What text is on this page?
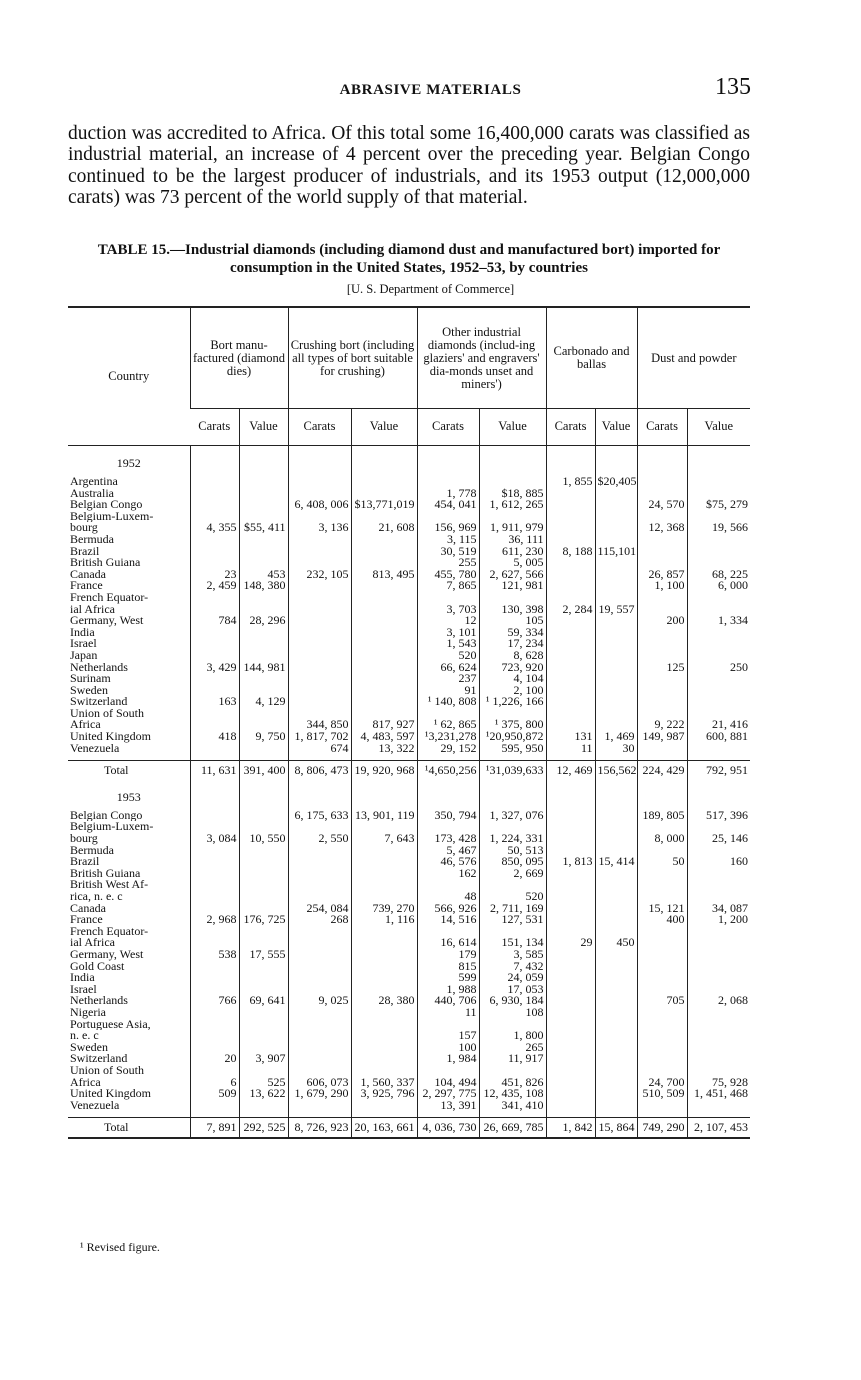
ABRASIVE MATERIALS	135
duction was accredited to Africa. Of this total some 16,400,000 carats was classified as industrial material, an increase of 4 percent over the preceding year. Belgian Congo continued to be the largest producer of industrials, and its 1953 output (12,000,000 carats) was 73 percent of the world supply of that material.
TABLE 15.—Industrial diamonds (including diamond dust and manufactured bort) imported for consumption in the United States, 1952–53, by countries
[U. S. Department of Commerce]
Country	Bort manu-factured (diamond dies)		Crushing bort (including all types of bort suitable for crushing)		Other industrial diamonds (includ-ing glaziers' and engravers' dia-monds unset and miners')		Carbonado and ballas		Dust and powder	
	Carats	Value	Carats	Value	Carats	Value	Carats	Value	Carats	Value
1952										
Argentina							1, 855	$20,405		
Australia					1, 778	$18, 885				
Belgian Congo			6, 408, 006	$13,771,019	454, 041	1, 612, 265			24, 570	$75, 279
Belgium-Luxem-										
bourg	4, 355	$55, 411	3, 136	21, 608	156, 969	1, 911, 979			12, 368	19, 566
Bermuda					3, 115	36, 111				
Brazil					30, 519	611, 230	8, 188	115,101		
British Guiana					255	5, 005				
Canada	23	453	232, 105	813, 495	455, 780	2, 627, 566			26, 857	68, 225
France	2, 459	148, 380			7, 865	121, 981			1, 100	6, 000
French Equator-										
ial Africa					3, 703	130, 398	2, 284	19, 557		
Germany, West	784	28, 296			12	105			200	1, 334
India					3, 101	59, 334				
Israel					1, 543	17, 234				
Japan					520	8, 628				
Netherlands	3, 429	144, 981			66, 624	723, 920			125	250
Surinam					237	4, 104				
Sweden					91	2, 100				
Switzerland	163	4, 129			¹ 140, 808	¹ 1,226, 166				
Union of South										
Africa			344, 850	817, 927	¹ 62, 865	¹ 375, 800			9, 222	21, 416
United Kingdom	418	9, 750	1, 817, 702	4, 483, 597	¹3,231,278	¹20,950,872	131	1, 469	149, 987	600, 881
Venezuela			674	13, 322	29, 152	595, 950	11	30		

Total	11, 631	391, 400	8, 806, 473	19, 920, 968	¹4,650,256	¹31,039,633	12, 469	156,562	224, 429	792, 951
1953										
Belgian Congo			6, 175, 633	13, 901, 119	350, 794	1, 327, 076			189, 805	517, 396
Belgium-Luxem-										
bourg	3, 084	10, 550	2, 550	7, 643	173, 428	1, 224, 331			8, 000	25, 146
Bermuda					5, 467	50, 513				
Brazil					46, 576	850, 095	1, 813	15, 414	50	160
British Guiana					162	2, 669				
British West Af-										
rica, n. e. c					48	520				
Canada			254, 084	739, 270	566, 926	2, 711, 169			15, 121	34, 087
France	2, 968	176, 725	268	1, 116	14, 516	127, 531			400	1, 200
French Equator-										
ial Africa					16, 614	151, 134	29	450		
Germany, West	538	17, 555			179	3, 585				
Gold Coast					815	7, 432				
India					599	24, 059				
Israel					1, 988	17, 053				
Netherlands	766	69, 641	9, 025	28, 380	440, 706	6, 930, 184			705	2, 068
Nigeria					11	108				
Portuguese Asia,										
n. e. c					157	1, 800				
Sweden					100	265				
Switzerland	20	3, 907			1, 984	11, 917				
Union of South										
Africa	6	525	606, 073	1, 560, 337	104, 494	451, 826			24, 700	75, 928
United Kingdom	509	13, 622	1, 679, 290	3, 925, 796	2, 297, 775	12, 435, 108			510, 509	1, 451, 468
Venezuela					13, 391	341, 410				

Total	7, 891	292, 525	8, 726, 923	20, 163, 661	4, 036, 730	26, 669, 785	1, 842	15, 864	749, 290	2, 107, 453
¹ Revised figure.
